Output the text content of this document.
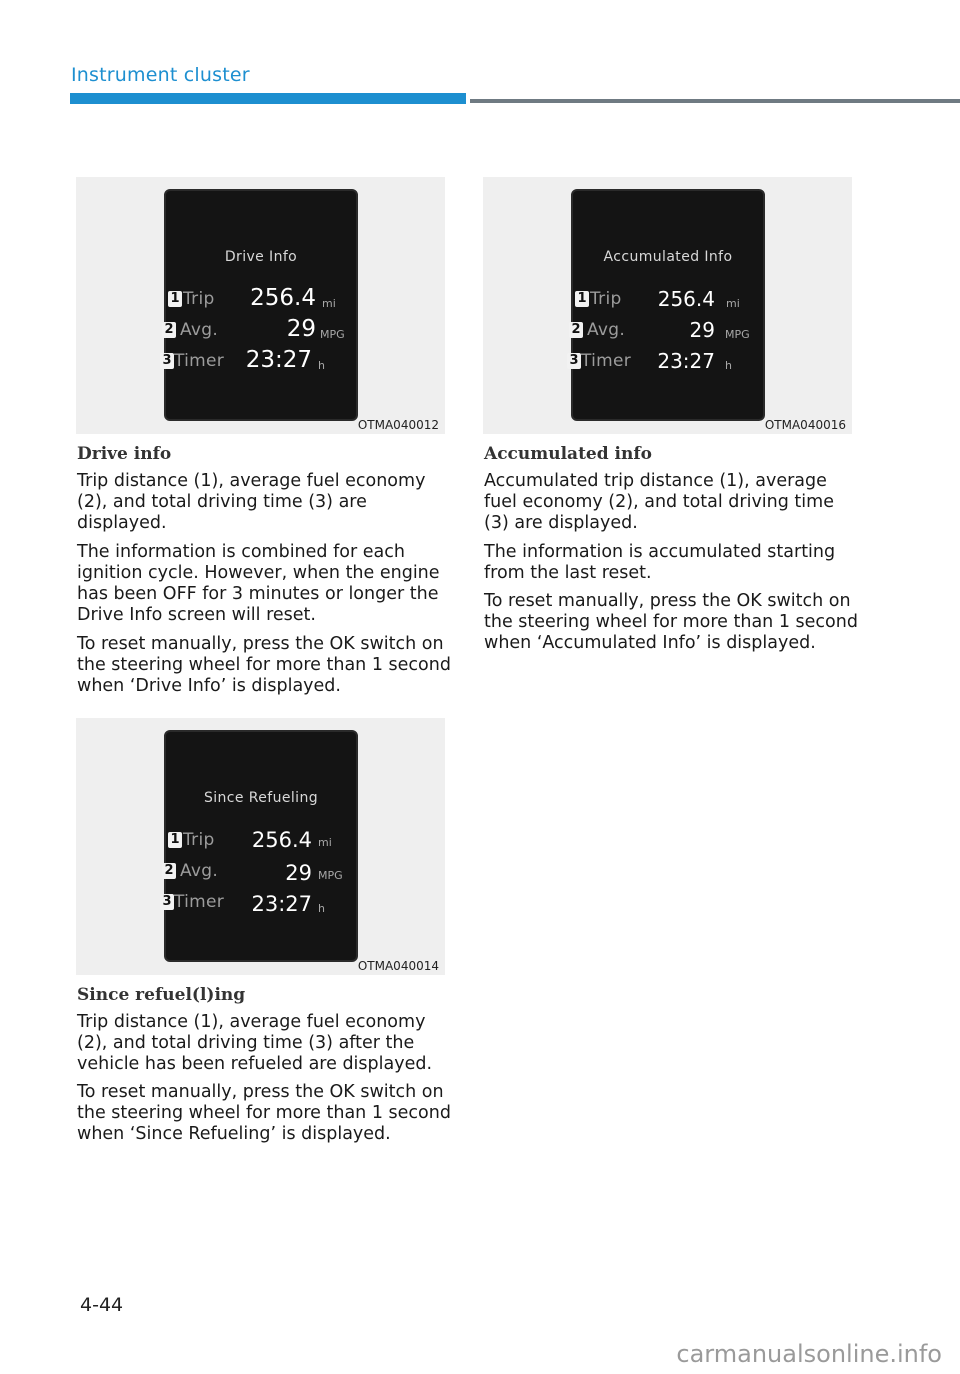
Instrument cluster
Drive Info
1 Trip 256.4 mi
2 Avg.	29 MPG
3 Timer 23:27 h
OTMA040012
Accumulated Info
1 Trip 256.4 mi
2 Avg.	29 MPG
3 Timer 23:27 h
OTMA040016
Since Refueling
1 Trip 256.4 mi
2 Avg.	29 MPG
3 Timer 23:27 h
OTMA040014
Drive info
Trip distance (1), average fuel economy (2), and total driving time (3) are displayed.
The information is combined for each ignition cycle. However, when the engine has been OFF for 3 minutes or longer the Drive Info screen will reset.
To reset manually, press the OK switch on the steering wheel for more than 1 second when ‘Drive Info’ is displayed.
Accumulated info
Accumulated trip distance (1), average fuel economy (2), and total driving time (3) are displayed.
The information is accumulated starting from the last reset.
To reset manually, press the OK switch on the steering wheel for more than 1 second when ‘Accumulated Info’ is displayed.
Since refuel(l)ing
Trip distance (1), average fuel economy (2), and total driving time (3) after the vehicle has been refueled are displayed.
To reset manually, press the OK switch on the steering wheel for more than 1 second when ‘Since Refueling’ is displayed.
4-44
carmanualsonline.info
